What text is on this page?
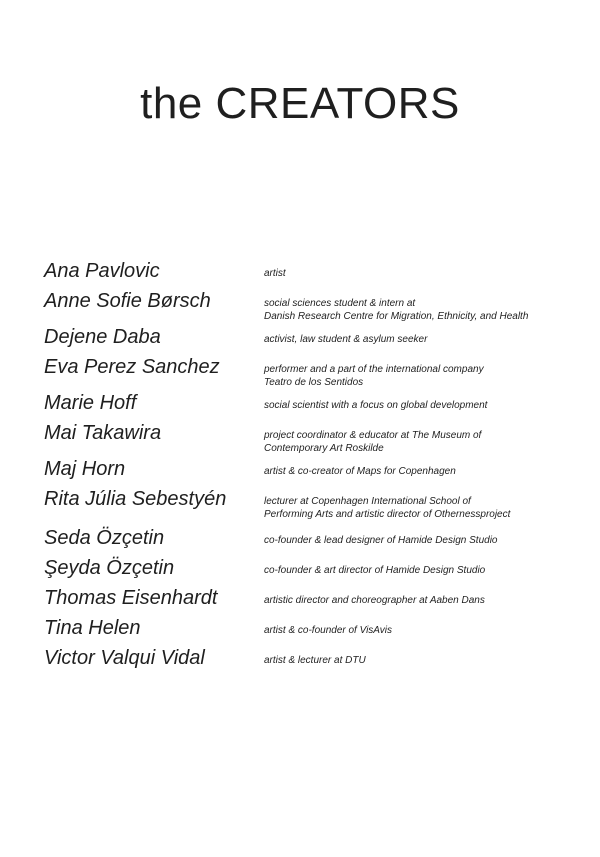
the CREATORS
Ana Pavlovic	artist
Anne Sofie Børsch	social sciences student & intern at
Danish Research Centre for Migration, Ethnicity, and Health
Dejene Daba	activist, law student & asylum seeker
Eva Perez Sanchez	performer and a part of the international company
Teatro de los Sentidos
Marie Hoff	social scientist with a focus on global development
Mai Takawira	project coordinator & educator at The Museum of
Contemporary Art Roskilde
Maj Horn	artist & co-creator of Maps for Copenhagen
Rita Júlia Sebestyén	lecturer at Copenhagen International School of
Performing Arts and artistic director of Othernessproject
Seda Özçetin	co-founder & lead designer of Hamide Design Studio
Şeyda Özçetin	co-founder & art director of Hamide Design Studio
Thomas Eisenhardt	artistic director and choreographer at Aaben Dans
Tina Helen	artist & co-founder of VisAvis
Victor Valqui Vidal	artist & lecturer at DTU
